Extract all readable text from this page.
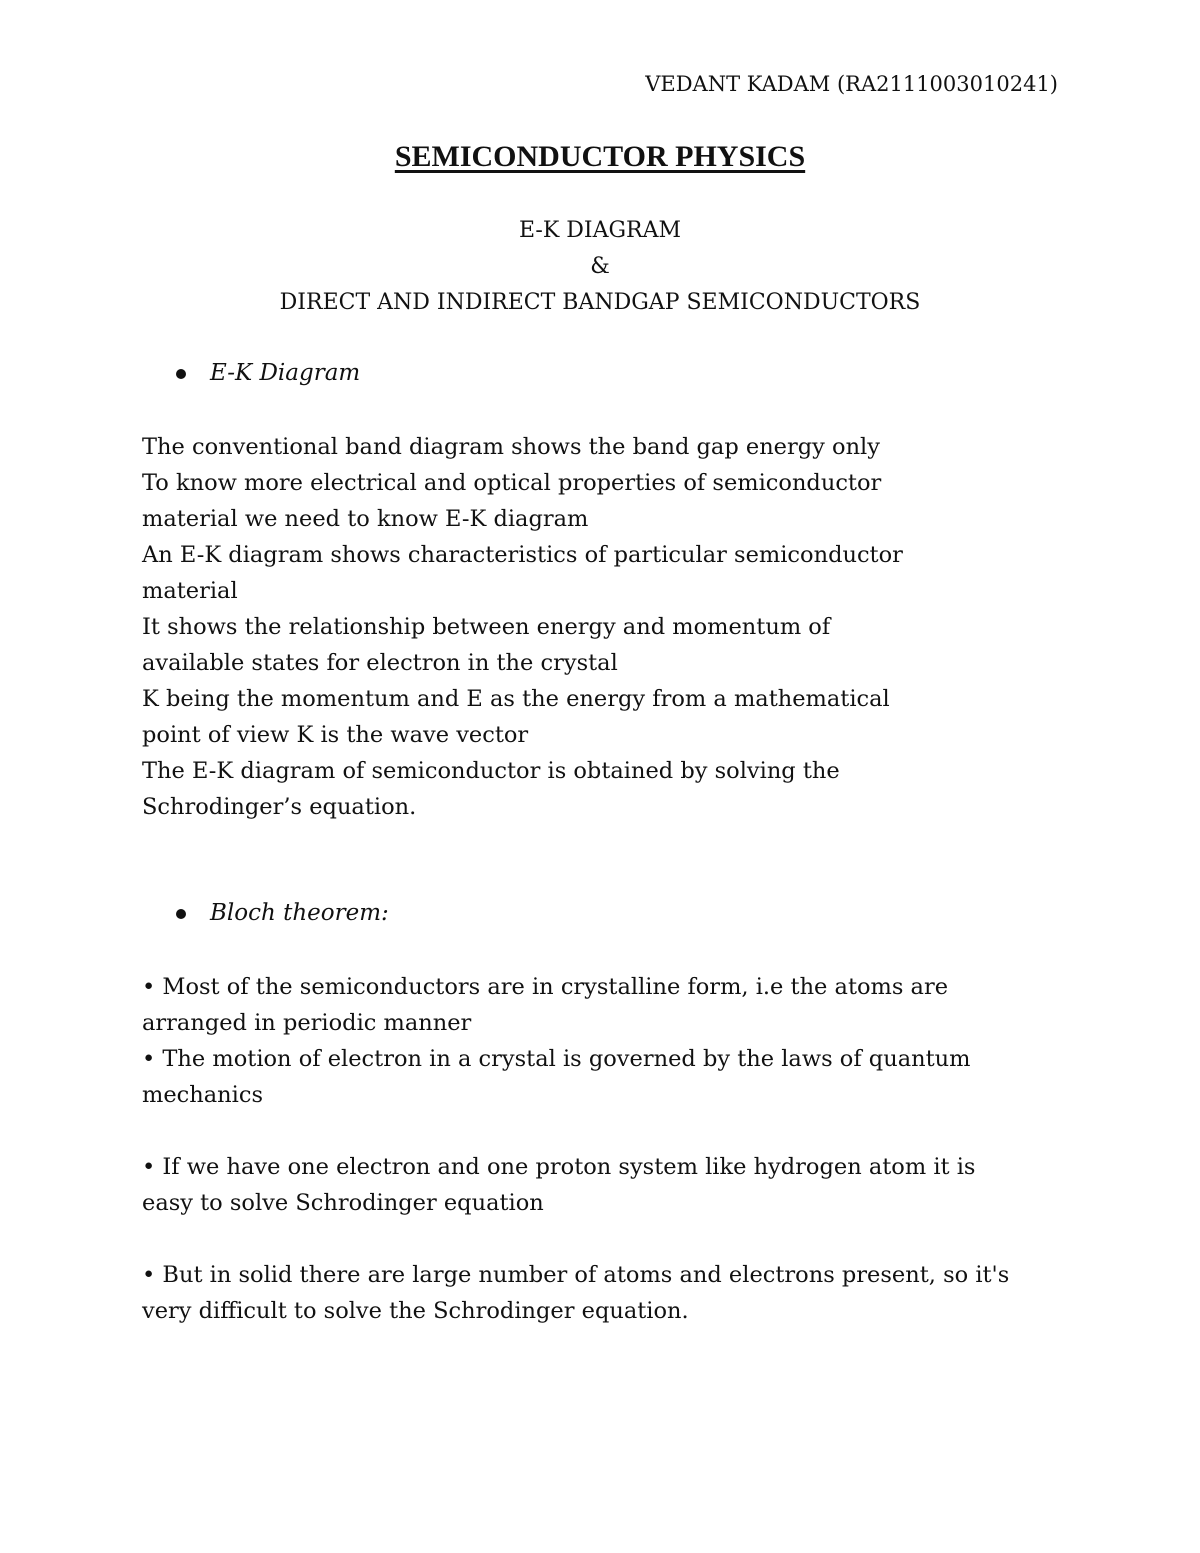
VEDANT KADAM (RA2111003010241)
SEMICONDUCTOR PHYSICS
E-K DIAGRAM
&
DIRECT AND INDIRECT BANDGAP SEMICONDUCTORS
E-K Diagram
The conventional band diagram shows the band gap energy only
To know more electrical and optical properties of semiconductor
material we need to know E-K diagram
An E-K diagram shows characteristics of particular semiconductor
material
It shows the relationship between energy and momentum of
available states for electron in the crystal
K being the momentum and E as the energy from a mathematical
point of view K is the wave vector
The E-K diagram of semiconductor is obtained by solving the
Schrodinger’s equation.
Bloch theorem:
• Most of the semiconductors are in crystalline form, i.e the atoms are
arranged in periodic manner
• The motion of electron in a crystal is governed by the laws of quantum
mechanics
• If we have one electron and one proton system like hydrogen atom it is
easy to solve Schrodinger equation
• But in solid there are large number of atoms and electrons present, so it's
very difficult to solve the Schrodinger equation.
